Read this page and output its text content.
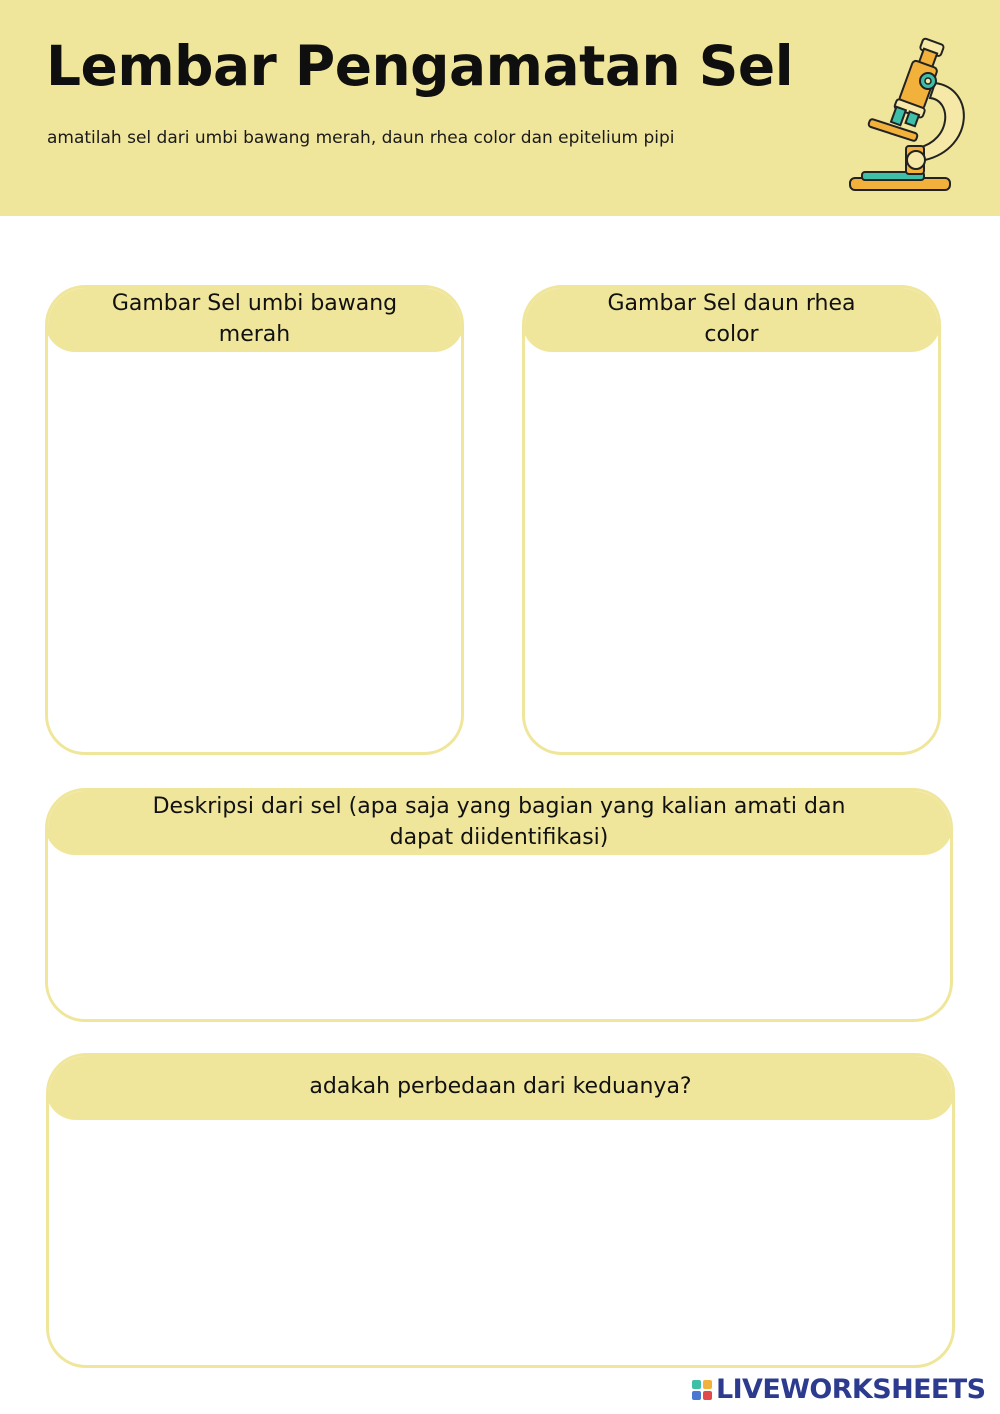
Lembar Pengamatan Sel

amatilah sel dari umbi bawang merah, daun rhea color dan epitelium pipi

Gambar Sel umbi bawang merah
Gambar Sel daun rhea color
Deskripsi dari sel (apa saja yang bagian yang kalian amati dan dapat diidentifikasi)
adakah perbedaan dari keduanya?
LIVEWORKSHEETS
